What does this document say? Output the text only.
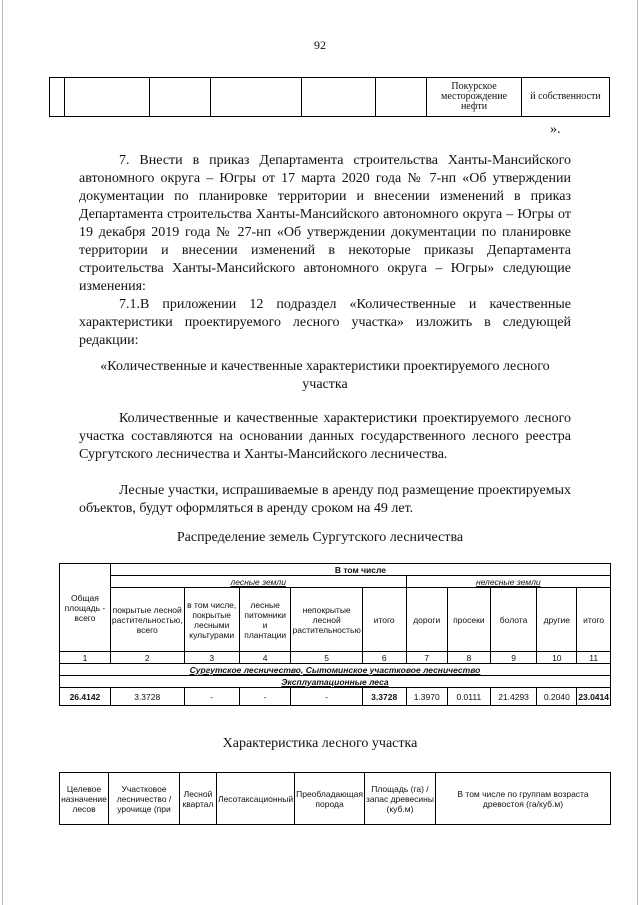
92
						Покурское месторождение нефти	й собственности
».
7. Внести в приказ Департамента строительства Ханты-Мансийского автономного округа – Югры от 17 марта 2020 года № 7-нп «Об утверждении документации по планировке территории и внесении изменений в приказ Департамента строительства Ханты-Мансийского автономного округа – Югры от 19 декабря 2019 года № 27-нп «Об утверждении документации по планировке территории и внесении изменений в некоторые приказы Департамента строительства Ханты-Мансийского автономного округа – Югры» следующие изменения:
7.1.В приложении 12 подраздел «Количественные и качественные характеристики проектируемого лесного участка» изложить в следующей редакции:
«Количественные и качественные характеристики проектируемого лесного участка
Количественные и качественные характеристики проектируемого лесного участка составляются на основании данных государственного лесного реестра Сургутского лесничества и Ханты-Мансийского лесничества.
Лесные участки, испрашиваемые в аренду под размещение проектируемых объектов, будут оформляться в аренду сроком на 49 лет.
Распределение земель Сургутского лесничества
Общая площадь - всего	В том числе									
	лесные земли					нелесные земли				
	покрытые лесной растительностью, всего	в том числе, покрытые лесными культурами	лесные питомники и плантации	непокрытые лесной растительностью	итого	дороги	просеки	болота	другие	итого
1	2	3	4	5	6	7	8	9	10	11
Сургутское лесничество, Сытоминское участковое лесничество										
Эксплуатационные леса										
26.4142	3.3728	-	-	-	3.3728	1.3970	0.0111	21.4293	0.2040	23.0414
Характеристика лесного участка
Целевое назначение лесов	Участковое лесничество /урочище (при	Лесной квартал	Лесотаксационный	Преобладающая порода	Площадь (га) /запас древесины (куб.м)	В том числе по группам возраста древостоя (га/куб.м)
